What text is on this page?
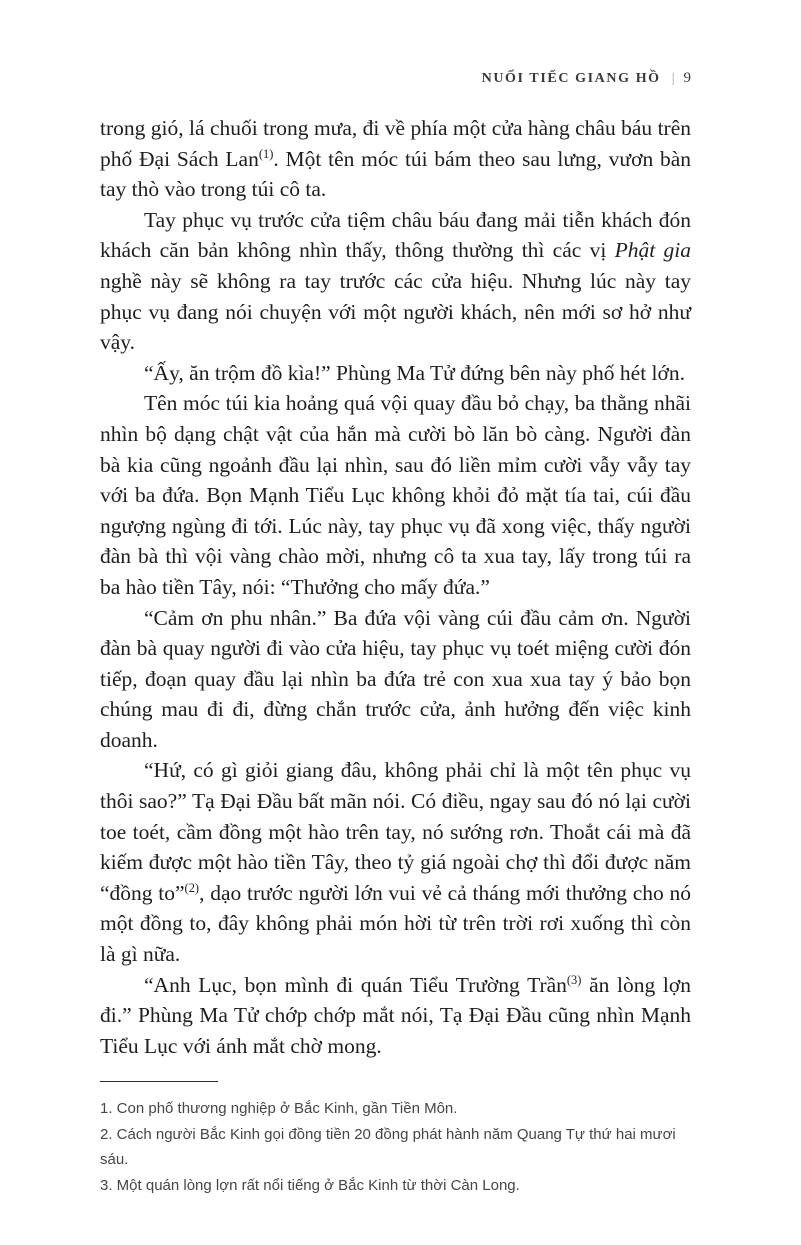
NUỐI TIẾC GIANG HỒ | 9

trong gió, lá chuối trong mưa, đi về phía một cửa hàng châu báu trên phố Đại Sách Lan$^{(1)}$. Một tên móc túi bám theo sau lưng, vươn bàn tay thò vào trong túi cô ta.

Tay phục vụ trước cửa tiệm châu báu đang mải tiễn khách đón khách căn bản không nhìn thấy, thông thường thì các vị Phật gia nghề này sẽ không ra tay trước các cửa hiệu. Nhưng lúc này tay phục vụ đang nói chuyện với một người khách, nên mới sơ hở như vậy.

“Ấy, ăn trộm đồ kìa!” Phùng Ma Tử đứng bên này phố hét lớn.

Tên móc túi kia hoảng quá vội quay đầu bỏ chạy, ba thằng nhãi nhìn bộ dạng chật vật của hắn mà cười bò lăn bò càng. Người đàn bà kia cũng ngoảnh đầu lại nhìn, sau đó liền mỉm cười vẫy vẫy tay với ba đứa. Bọn Mạnh Tiểu Lục không khỏi đỏ mặt tía tai, cúi đầu ngượng ngùng đi tới. Lúc này, tay phục vụ đã xong việc, thấy người đàn bà thì vội vàng chào mời, nhưng cô ta xua tay, lấy trong túi ra ba hào tiền Tây, nói: “Thưởng cho mấy đứa.”

“Cảm ơn phu nhân.” Ba đứa vội vàng cúi đầu cảm ơn. Người đàn bà quay người đi vào cửa hiệu, tay phục vụ toét miệng cười đón tiếp, đoạn quay đầu lại nhìn ba đứa trẻ con xua xua tay ý bảo bọn chúng mau đi đi, đừng chắn trước cửa, ảnh hưởng đến việc kinh doanh.

“Hứ, có gì giỏi giang đâu, không phải chỉ là một tên phục vụ thôi sao?” Tạ Đại Đầu bất mãn nói. Có điều, ngay sau đó nó lại cười toe toét, cầm đồng một hào trên tay, nó sướng rơn. Thoắt cái mà đã kiếm được một hào tiền Tây, theo tỷ giá ngoài chợ thì đổi được năm “đồng to”$^{(2)}$, dạo trước người lớn vui vẻ cả tháng mới thưởng cho nó một đồng to, đây không phải món hời từ trên trời rơi xuống thì còn là gì nữa.

“Anh Lục, bọn mình đi quán Tiểu Trường Trần$^{(3)}$ ăn lòng lợn đi.” Phùng Ma Tử chớp chớp mắt nói, Tạ Đại Đầu cũng nhìn Mạnh Tiểu Lục với ánh mắt chờ mong.

1. Con phố thương nghiệp ở Bắc Kinh, gần Tiền Môn.

2. Cách người Bắc Kinh gọi đồng tiền 20 đồng phát hành năm Quang Tự thứ hai mươi sáu.

3. Một quán lòng lợn rất nổi tiếng ở Bắc Kinh từ thời Càn Long.
